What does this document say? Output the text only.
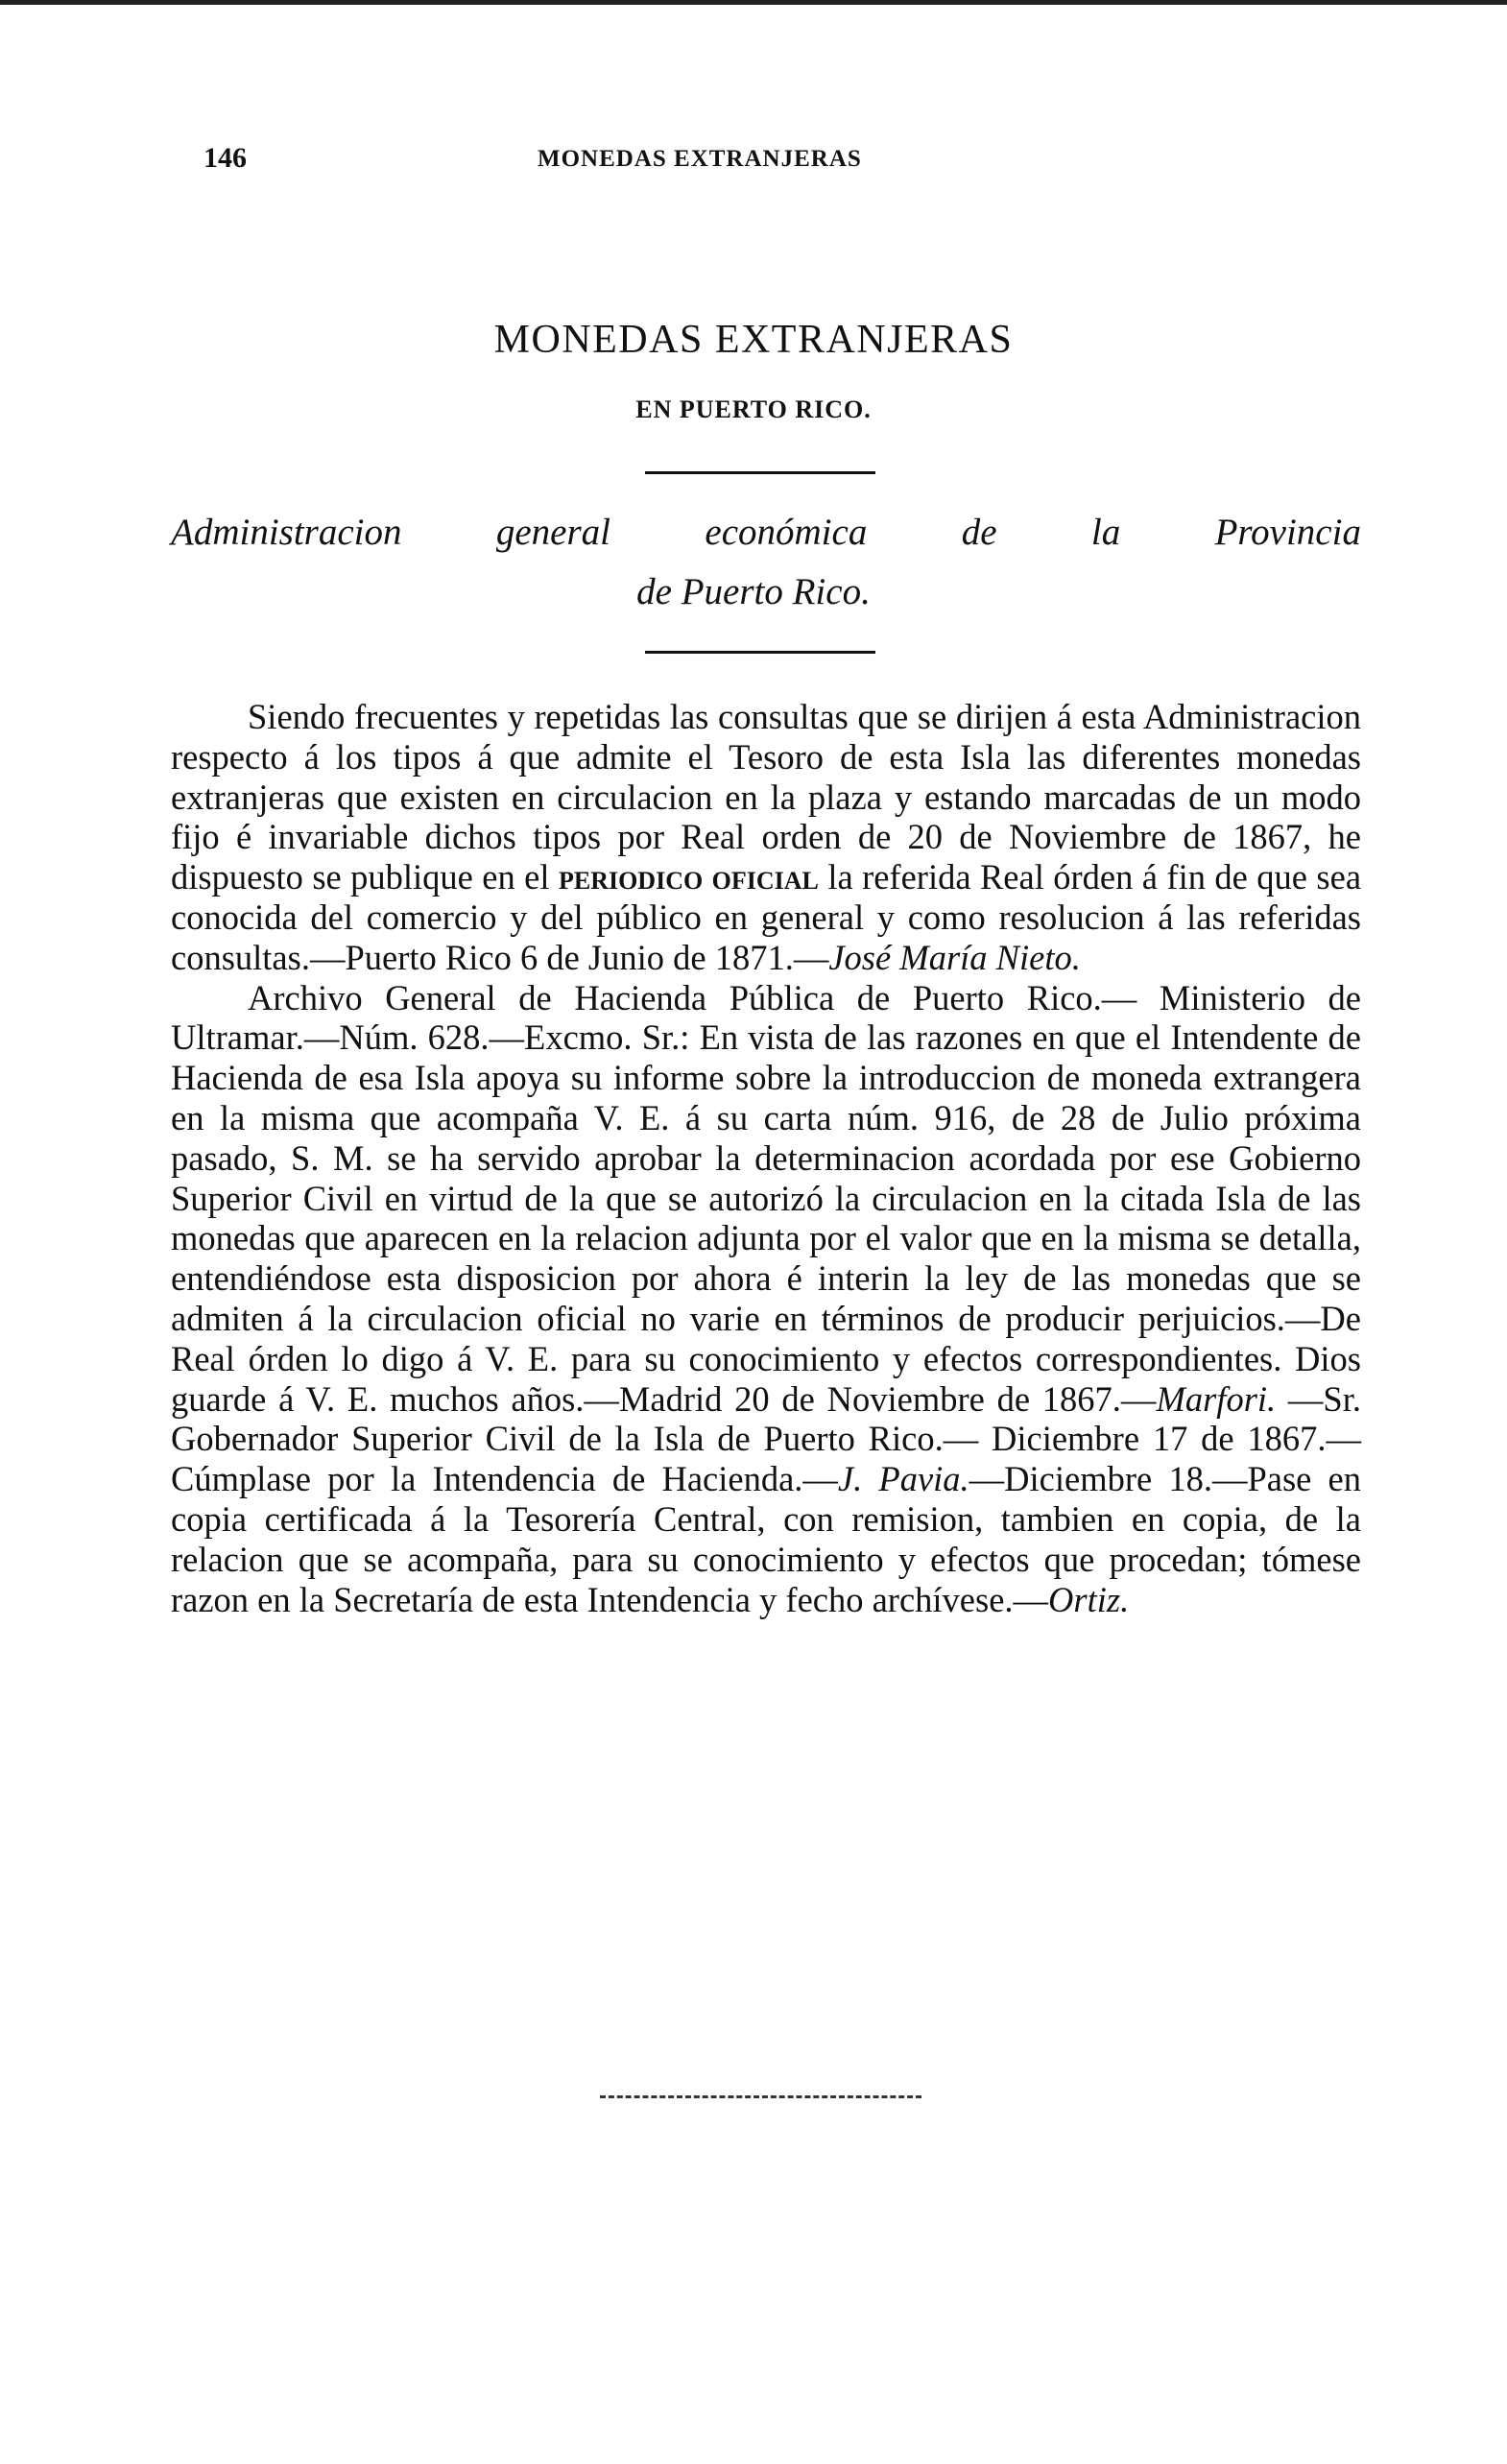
146	MONEDAS EXTRANJERAS
MONEDAS EXTRANJERAS
EN PUERTO RICO.
Administracion	general	económica	de	la	Provincia
de Puerto Rico.

Siendo frecuentes y repetidas las consultas que se dirijen á esta Administracion respecto á los tipos á que admite el Tesoro de esta Isla las diferentes monedas extranjeras que existen en circulacion en la plaza y estando marcadas de un modo fijo é invariable dichos tipos por Real orden de 20 de Noviembre de 1867, he dispuesto se publique en el periodico oficial la referida Real órden á fin de que sea conocida del comercio y del público en general y como resolucion á las referidas consultas.—Puerto Rico 6 de Junio de 1871.—José María Nieto.

Archivo General de Hacienda Pública de Puerto Rico.— Ministerio de Ultramar.—Núm. 628.—Excmo. Sr.: En vista de las razones en que el Intendente de Hacienda de esa Isla apoya su informe sobre la introduccion de moneda extrangera en la misma que acompaña V. E. á su carta núm. 916, de 28 de Julio próxima pasado, S. M. se ha servido aprobar la determinacion acordada por ese Gobierno Superior Civil en virtud de la que se autorizó la circulacion en la citada Isla de las monedas que aparecen en la relacion adjunta por el valor que en la misma se detalla, entendiéndose esta disposicion por ahora é interin la ley de las monedas que se admiten á la circulacion oficial no varie en términos de producir perjuicios.—De Real órden lo digo á V. E. para su conocimiento y efectos correspondientes. Dios guarde á V. E. muchos años.—Madrid 20 de Noviembre de 1867.—Marfori. —Sr. Gobernador Superior Civil de la Isla de Puerto Rico.— Diciembre 17 de 1867.—Cúmplase por la Intendencia de Hacienda.—J. Pavia.—Diciembre 18.—Pase en copia certificada á la Tesorería Central, con remision, tambien en copia, de la relacion que se acompaña, para su conocimiento y efectos que procedan; tómese razon en la Secretaría de esta Intendencia y fecho archívese.—Ortiz.
